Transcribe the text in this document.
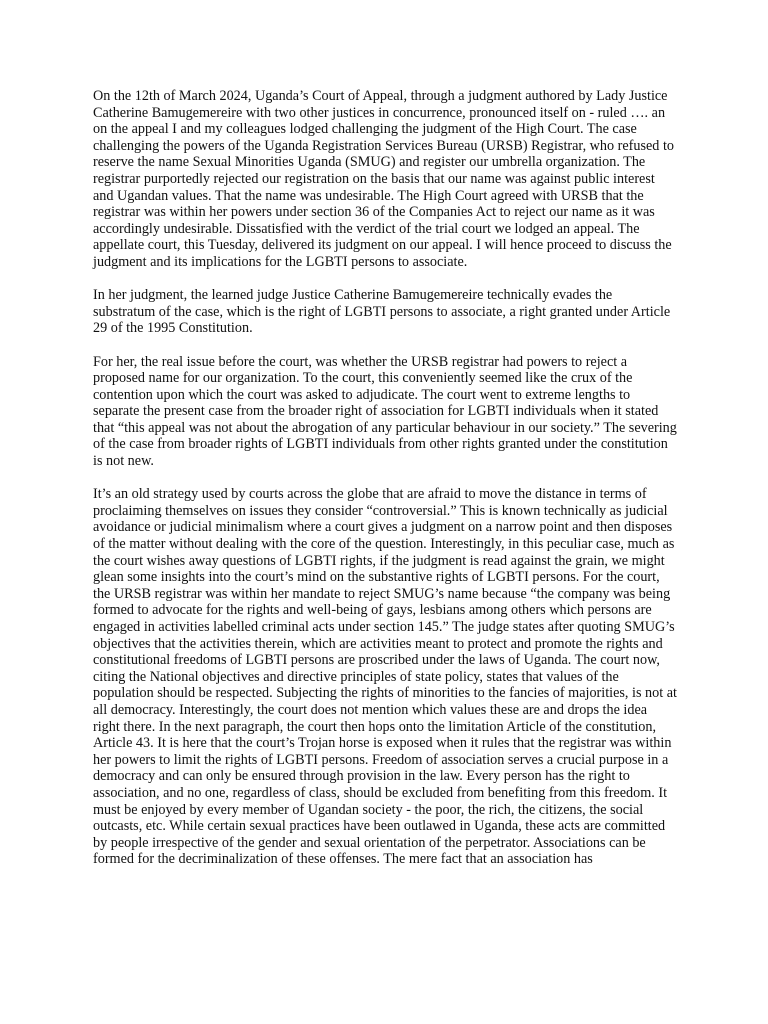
On the 12th of March 2024, Uganda’s Court of Appeal, through a judgment authored by Lady Justice Catherine Bamugemereire with two other justices in concurrence, pronounced itself on - ruled …. an on the appeal I and my colleagues lodged challenging the judgment of the High Court. The case challenging the powers of the Uganda Registration Services Bureau (URSB) Registrar, who refused to reserve the name Sexual Minorities Uganda (SMUG) and register our umbrella organization. The registrar purportedly rejected our registration on the basis that our name was against public interest and Ugandan values. That the name was undesirable. The High Court agreed with URSB that the registrar was within her powers under section 36 of the Companies Act to reject our name as it was accordingly undesirable. Dissatisfied with the verdict of the trial court we lodged an appeal. The appellate court, this Tuesday, delivered its judgment on our appeal. I will hence proceed to discuss the judgment and its implications for the LGBTI persons to associate.

In her judgment, the learned judge Justice Catherine Bamugemereire technically evades the substratum of the case, which is the right of LGBTI persons to associate, a right granted under Article 29 of the 1995 Constitution.

For her, the real issue before the court, was whether the URSB registrar had powers to reject a proposed name for our organization. To the court, this conveniently seemed like the crux of the contention upon which the court was asked to adjudicate. The court went to extreme lengths to separate the present case from the broader right of association for LGBTI individuals when it stated that “this appeal was not about the abrogation of any particular behaviour in our society.” The severing of the case from broader rights of LGBTI individuals from other rights granted under the constitution is not new.

It’s an old strategy used by courts across the globe that are afraid to move the distance in terms of proclaiming themselves on issues they consider “controversial.” This is known technically as judicial avoidance or judicial minimalism where a court gives a judgment on a narrow point and then disposes of the matter without dealing with the core of the question. Interestingly, in this peculiar case, much as the court wishes away questions of LGBTI rights, if the judgment is read against the grain, we might glean some insights into the court’s mind on the substantive rights of LGBTI persons. For the court, the URSB registrar was within her mandate to reject SMUG’s name because “the company was being formed to advocate for the rights and well-being of gays, lesbians among others which persons are engaged in activities labelled criminal acts under section 145.” The judge states after quoting SMUG’s objectives that the activities therein, which are activities meant to protect and promote the rights and constitutional freedoms of LGBTI persons are proscribed under the laws of Uganda. The court now, citing the National objectives and directive principles of state policy, states that values of the population should be respected. Subjecting the rights of minorities to the fancies of majorities, is not at all democracy. Interestingly, the court does not mention which values these are and drops the idea right there. In the next paragraph, the court then hops onto the limitation Article of the constitution, Article 43. It is here that the court’s Trojan horse is exposed when it rules that the registrar was within her powers to limit the rights of LGBTI persons. Freedom of association serves a crucial purpose in a democracy and can only be ensured through provision in the law. Every person has the right to association, and no one, regardless of class, should be excluded from benefiting from this freedom. It must be enjoyed by every member of Ugandan society - the poor, the rich, the citizens, the social outcasts, etc. While certain sexual practices have been outlawed in Uganda, these acts are committed by people irrespective of the gender and sexual orientation of the perpetrator. Associations can be formed for the decriminalization of these offenses. The mere fact that an association has
